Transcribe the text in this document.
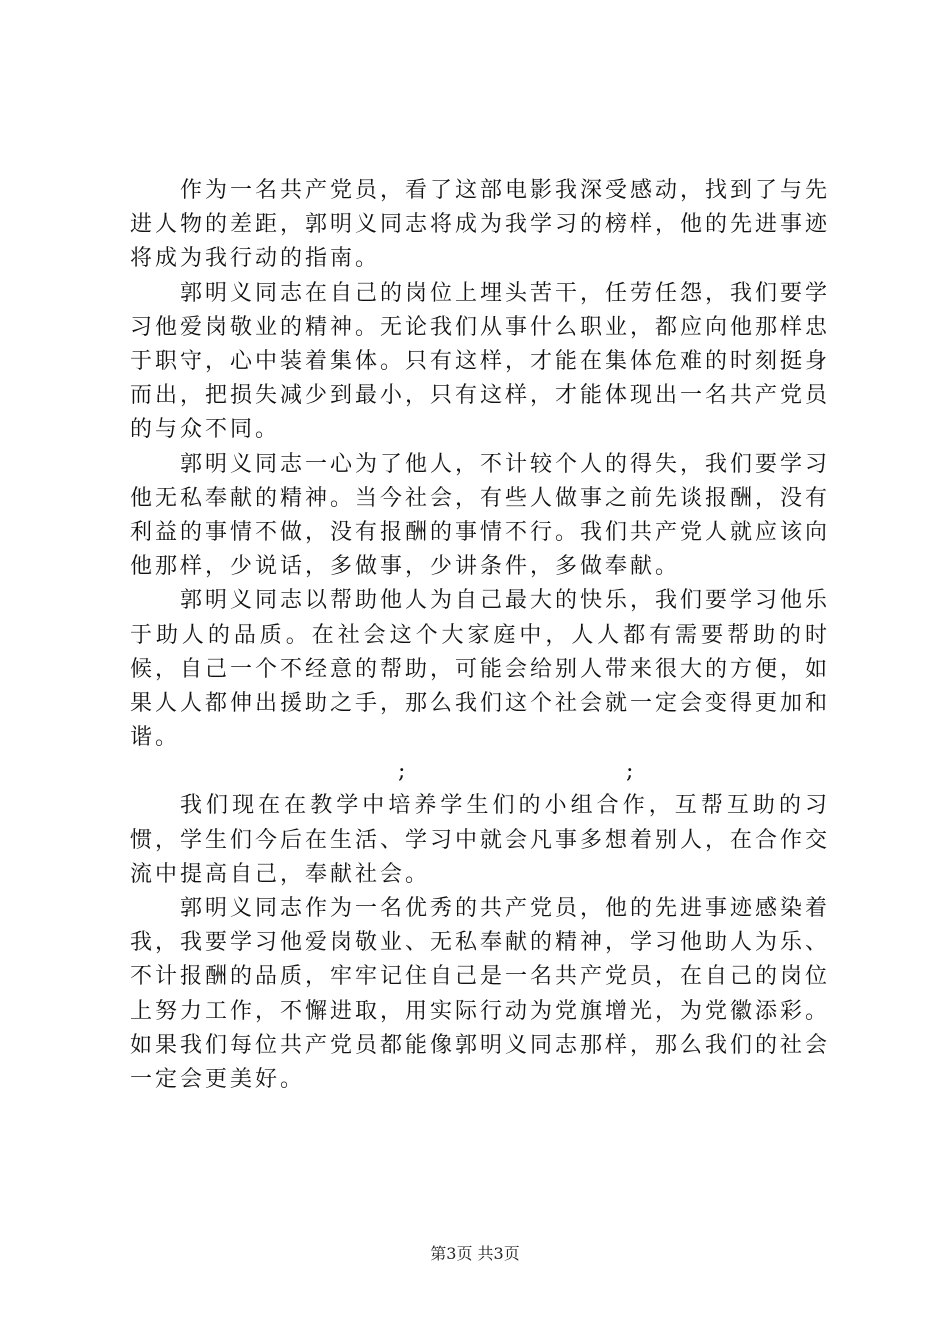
作为一名共产党员，看了这部电影我深受感动，找到了与先进人物的差距，郭明义同志将成为我学习的榜样，他的先进事迹将成为我行动的指南。

郭明义同志在自己的岗位上埋头苦干，任劳任怨，我们要学习他爱岗敬业的精神。无论我们从事什么职业，都应向他那样忠于职守，心中装着集体。只有这样，才能在集体危难的时刻挺身而出，把损失减少到最小，只有这样，才能体现出一名共产党员的与众不同。

郭明义同志一心为了他人，不计较个人的得失，我们要学习他无私奉献的精神。当今社会，有些人做事之前先谈报酬，没有利益的事情不做，没有报酬的事情不行。我们共产党人就应该向他那样，少说话，多做事，少讲条件，多做奉献。

郭明义同志以帮助他人为自己最大的快乐，我们要学习他乐于助人的品质。在社会这个大家庭中，人人都有需要帮助的时候，自己一个不经意的帮助，可能会给别人带来很大的方便，如果人人都伸出援助之手，那么我们这个社会就一定会变得更加和谐。

;	;

我们现在在教学中培养学生们的小组合作，互帮互助的习惯，学生们今后在生活、学习中就会凡事多想着别人，在合作交流中提高自己，奉献社会。

郭明义同志作为一名优秀的共产党员，他的先进事迹感染着我，我要学习他爱岗敬业、无私奉献的精神，学习他助人为乐、不计报酬的品质，牢牢记住自己是一名共产党员，在自己的岗位上努力工作，不懈进取，用实际行动为党旗增光，为党徽添彩。如果我们每位共产党员都能像郭明义同志那样，那么我们的社会一定会更美好。

第3页 共3页
